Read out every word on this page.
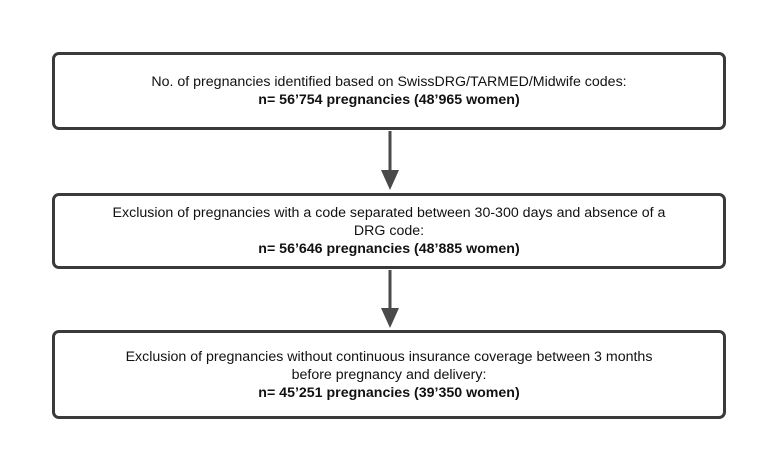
No. of pregnancies identified based on SwissDRG/TARMED/Midwife codes:
n= 56’754 pregnancies (48’965 women)
Exclusion of pregnancies with a code separated between 30-300 days and absence of a
DRG code:
n= 56’646 pregnancies (48’885 women)
Exclusion of pregnancies without continuous insurance coverage between 3 months
before pregnancy and delivery:
n= 45’251 pregnancies (39’350 women)
